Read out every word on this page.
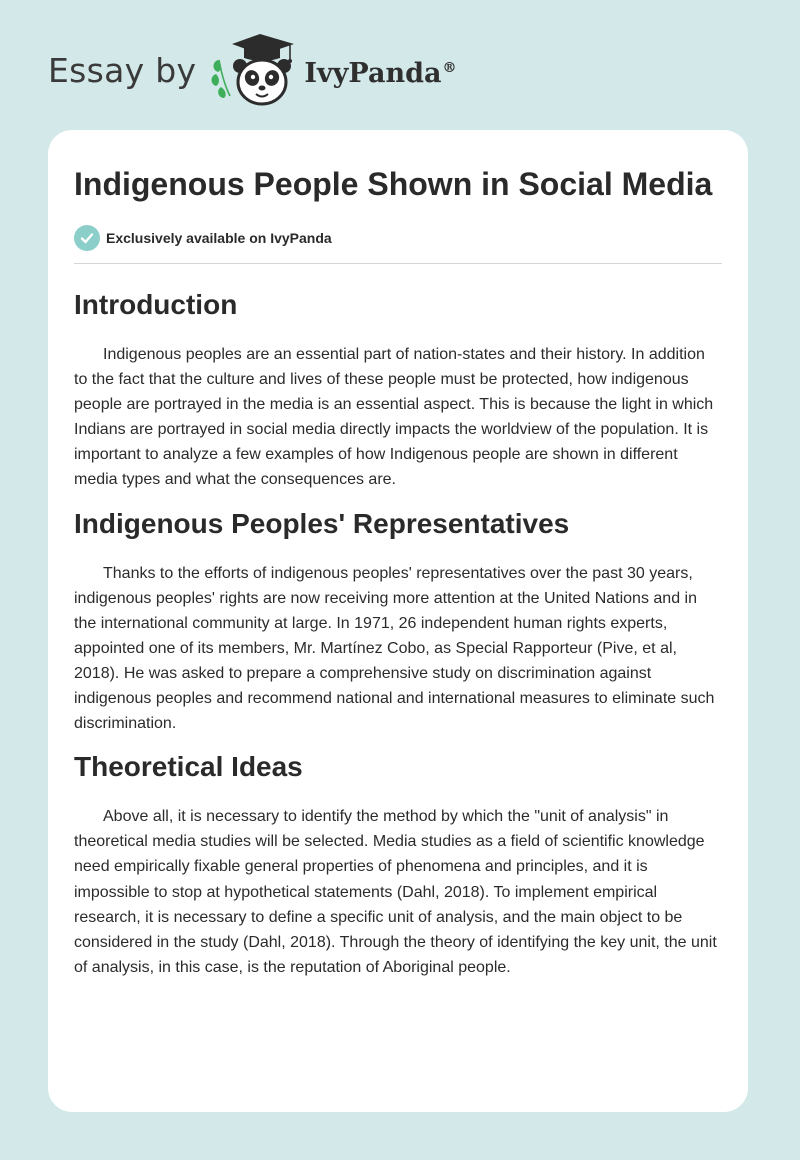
Essay by	IvyPanda®
Indigenous People Shown in Social Media
Exclusively available on IvyPanda
Introduction

Indigenous peoples are an essential part of nation-states and their history. In addition to the fact that the culture and lives of these people must be protected, how indigenous people are portrayed in the media is an essential aspect. This is because the light in which Indians are portrayed in social media directly impacts the worldview of the population. It is important to analyze a few examples of how Indigenous people are shown in different media types and what the consequences are.

Indigenous Peoples' Representatives

Thanks to the efforts of indigenous peoples' representatives over the past 30 years, indigenous peoples' rights are now receiving more attention at the United Nations and in the international community at large. In 1971, 26 independent human rights experts, appointed one of its members, Mr. Martínez Cobo, as Special Rapporteur (Pive, et al, 2018). He was asked to prepare a comprehensive study on discrimination against indigenous peoples and recommend national and international measures to eliminate such discrimination.

Theoretical Ideas

Above all, it is necessary to identify the method by which the "unit of analysis" in theoretical media studies will be selected. Media studies as a field of scientific knowledge need empirically fixable general properties of phenomena and principles, and it is impossible to stop at hypothetical statements (Dahl, 2018). To implement empirical research, it is necessary to define a specific unit of analysis, and the main object to be considered in the study (Dahl, 2018). Through the theory of identifying the key unit, the unit of analysis, in this case, is the reputation of Aboriginal people.
